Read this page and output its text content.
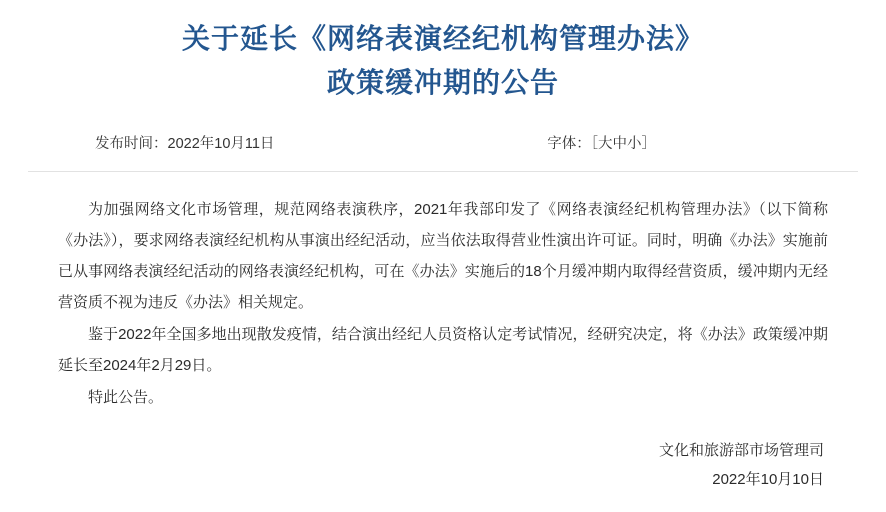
关于延长《网络表演经纪机构管理办法》
政策缓冲期的公告
发布时间：2022年10月11日	字体：［大中小］

为加强网络文化市场管理，规范网络表演秩序，2021年我部印发了《网络表演经纪机构管理办法》（以下简称《办法》），要求网络表演经纪机构从事演出经纪活动，应当依法取得营业性演出许可证。同时，明确《办法》实施前已从事网络表演经纪活动的网络表演经纪机构，可在《办法》实施后的18个月缓冲期内取得经营资质，缓冲期内无经营资质不视为违反《办法》相关规定。

鉴于2022年全国多地出现散发疫情，结合演出经纪人员资格认定考试情况，经研究决定，将《办法》政策缓冲期延长至2024年2月29日。

特此公告。

文化和旅游部市场管理司
2022年10月10日
